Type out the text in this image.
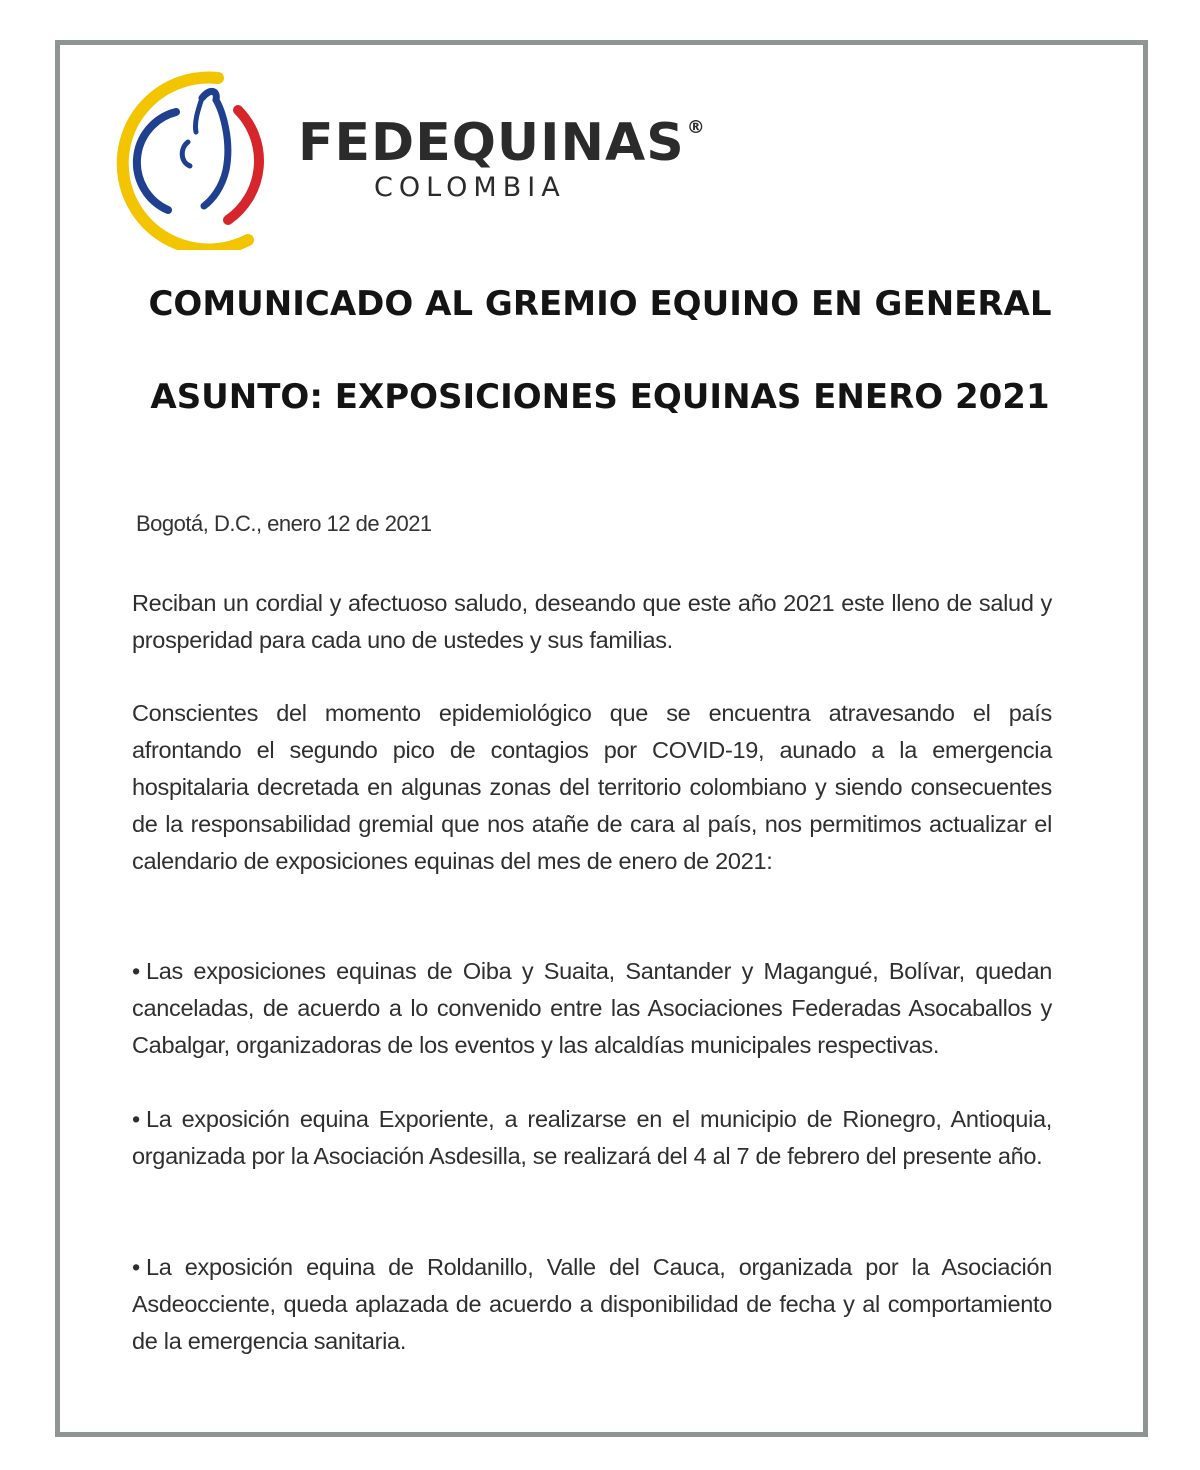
FEDEQUINAS ®
COLOMBIA
COMUNICADO AL GREMIO EQUINO EN GENERAL
ASUNTO: EXPOSICIONES EQUINAS ENERO 2021
Bogotá, D.C., enero 12 de 2021
Reciban un cordial y afectuoso saludo, deseando que este año 2021 este lleno de salud y prosperidad para cada uno de ustedes y sus familias.
Conscientes del momento epidemiológico que se encuentra atravesando el país afrontando el segundo pico de contagios por COVID-19, aunado a la emergencia hospitalaria decretada en algunas zonas del territorio colombiano y siendo consecuentes de la responsabilidad gremial que nos atañe de cara al país, nos permitimos actualizar el calendario de exposiciones equinas del mes de enero de 2021:
• Las exposiciones equinas de Oiba y Suaita, Santander y Magangué, Bolívar, quedan canceladas, de acuerdo a lo convenido entre las Asociaciones Federadas Asocaballos y Cabalgar, organizadoras de los eventos y las alcaldías municipales respectivas.
• La exposición equina Exporiente, a realizarse en el municipio de Rionegro, Antioquia, organizada por la Asociación Asdesilla, se realizará del 4 al 7 de febrero del presente año.
• La exposición equina de Roldanillo, Valle del Cauca, organizada por la Asociación Asdeocciente, queda aplazada de acuerdo a disponibilidad de fecha y al comportamiento de la emergencia sanitaria.
